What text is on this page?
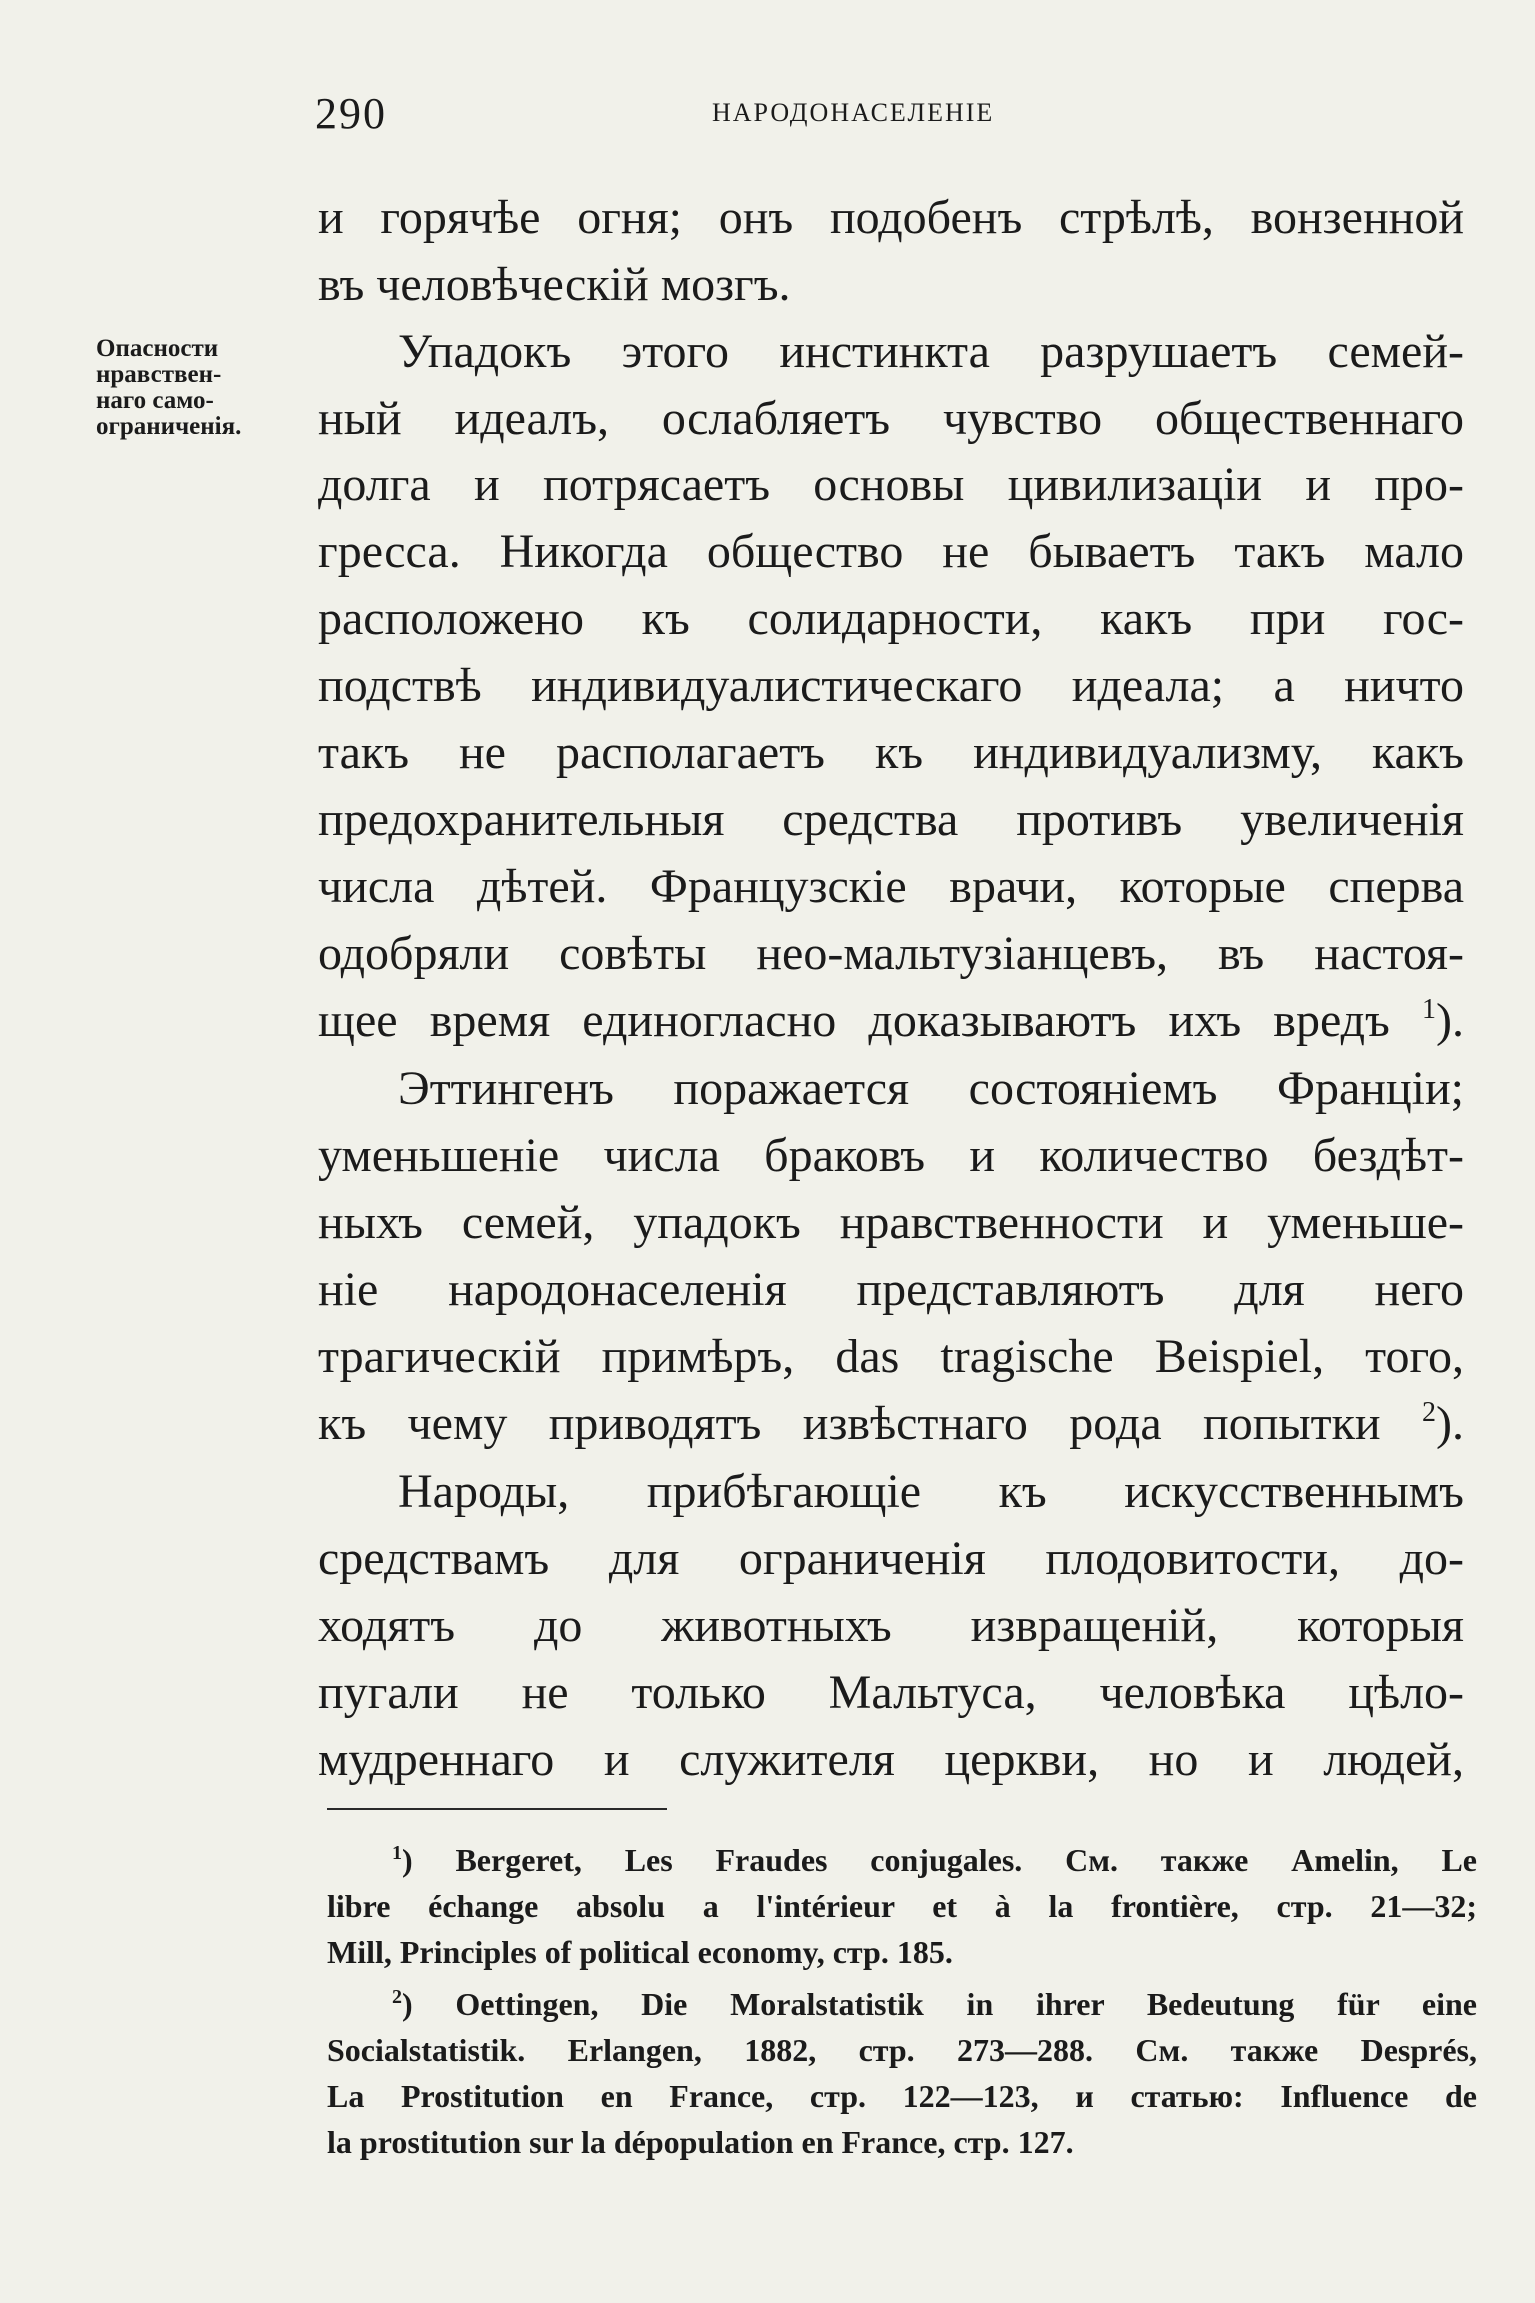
290	НАРОДОНАСЕЛЕНІЕ
Опасности
нравствен-
наго само-
ограниченія.
и горячѣе огня; онъ подобенъ стрѣлѣ, вонзенной
въ человѣческій мозгъ.
Упадокъ этого инстинкта разрушаетъ семей-
ный идеалъ, ослабляетъ чувство общественнаго
долга и потрясаетъ основы цивилизаціи и про-
гресса. Никогда общество не бываетъ такъ мало
расположено къ солидарности, какъ при гос-
подствѣ индивидуалистическаго идеала; а ничто
такъ не располагаетъ къ индивидуализму, какъ
предохранительныя средства противъ увеличенія
числа дѣтей. Французскіе врачи, которые сперва
одобряли совѣты нео-мальтузіанцевъ, въ настоя-
щее время единогласно доказываютъ ихъ вредъ $^1$).
Эттингенъ поражается состояніемъ Франціи;
уменьшеніе числа браковъ и количество бездѣт-
ныхъ семей, упадокъ нравственности и уменьше-
ніе народонаселенія представляютъ для него
трагическій примѣръ, das tragische Beispiel, того,
къ чему приводятъ извѣстнаго рода попытки $^2$).
Народы, прибѣгающіе къ искусственнымъ
средствамъ для ограниченія плодовитости, до-
ходятъ до животныхъ извращеній, которыя
пугали не только Мальтуса, человѣка цѣло-
мудреннаго и служителя церкви, но и людей,
$^1$) Bergeret, Les Fraudes conjugales. См. также Amelin, Le
libre échange absolu a l'intérieur et à la frontière, стр. 21—32;
Mill, Principles of political economy, стр. 185.
$^2$) Oettingen, Die Moralstatistik in ihrer Bedeutung für eine
Socialstatistik. Erlangen, 1882, стр. 273—288. См. также Després,
La Prostitution en France, стр. 122—123, и статью: Influence de
la prostitution sur la dépopulation en France, стр. 127.
